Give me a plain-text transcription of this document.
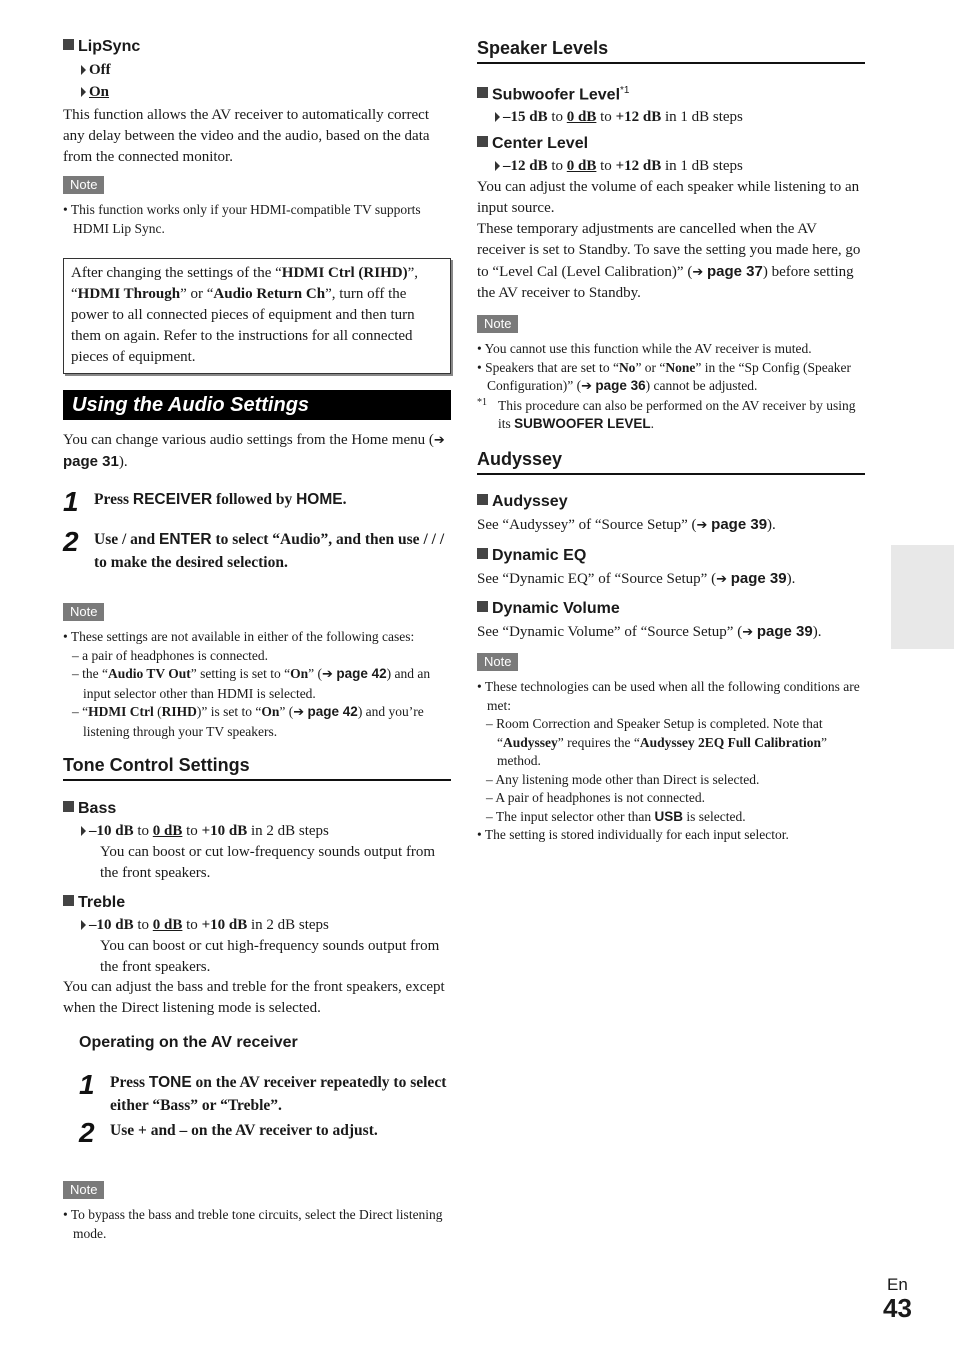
LipSync
Off
On
This function allows the AV receiver to automatically correct any delay between the video and the audio, based on the data from the connected monitor.
Note
• This function works only if your HDMI-compatible TV supports HDMI Lip Sync.
After changing the settings of the “HDMI Ctrl (RIHD)”, “HDMI Through” or “Audio Return Ch”, turn off the power to all connected pieces of equipment and then turn them on again. Refer to the instructions for all connected pieces of equipment.
Using the Audio Settings
You can change various audio settings from the Home menu (➔ page 31).
1 Press RECEIVER followed by HOME.
2 Use / and ENTER to select “Audio”, and then use / / / to make the desired selection.
Note
• These settings are not available in either of the following cases:
– a pair of headphones is connected.
– the “Audio TV Out” setting is set to “On” (➔ page 42) and an input selector other than HDMI is selected.
– “HDMI Ctrl (RIHD)” is set to “On” (➔ page 42) and you’re listening through your TV speakers.
Tone Control Settings
Bass
–10 dB to 0 dB to +10 dB in 2 dB steps
You can boost or cut low-frequency sounds output from the front speakers.
Treble
–10 dB to 0 dB to +10 dB in 2 dB steps
You can boost or cut high-frequency sounds output from the front speakers.
You can adjust the bass and treble for the front speakers, except when the Direct listening mode is selected.
Operating on the AV receiver
1 Press TONE on the AV receiver repeatedly to select either “Bass” or “Treble”.
2 Use + and – on the AV receiver to adjust.
Note
• To bypass the bass and treble tone circuits, select the Direct listening mode.
Speaker Levels
Subwoofer Level$^{*1}$
–15 dB to 0 dB to +12 dB in 1 dB steps
Center Level
–12 dB to 0 dB to +12 dB in 1 dB steps
You can adjust the volume of each speaker while listening to an input source.
These temporary adjustments are cancelled when the AV receiver is set to Standby. To save the setting you made here, go to “Level Cal (Level Calibration)” (➔ page 37) before setting the AV receiver to Standby.
Note
• You cannot use this function while the AV receiver is muted.
• Speakers that are set to “No” or “None” in the “Sp Config (Speaker Configuration)” (➔ page 36) cannot be adjusted.
*1 This procedure can also be performed on the AV receiver by using its SUBWOOFER LEVEL.
Audyssey
Audyssey
See “Audyssey” of “Source Setup” (➔ page 39).
Dynamic EQ
See “Dynamic EQ” of “Source Setup” (➔ page 39).
Dynamic Volume
See “Dynamic Volume” of “Source Setup” (➔ page 39).
Note
• These technologies can be used when all the following conditions are met:
– Room Correction and Speaker Setup is completed. Note that “Audyssey” requires the “Audyssey 2EQ Full Calibration” method.
– Any listening mode other than Direct is selected.
– A pair of headphones is not connected.
– The input selector other than USB is selected.
• The setting is stored individually for each input selector.
En
43
